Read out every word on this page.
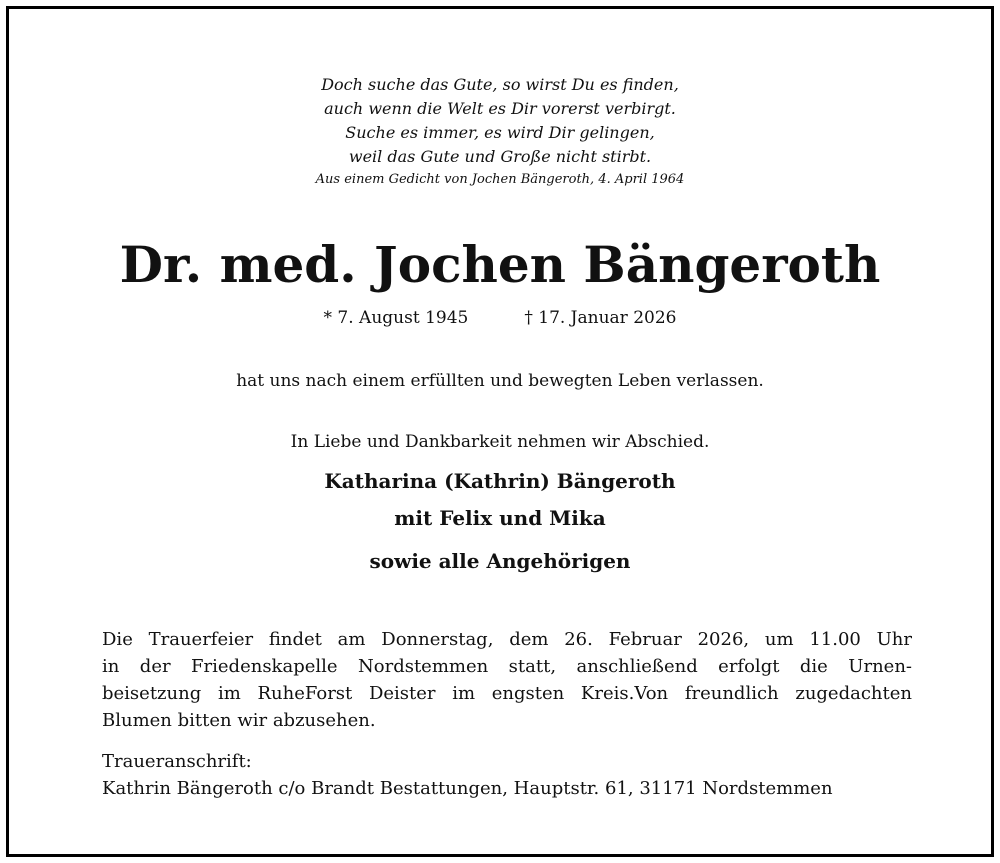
Doch suche das Gute, so wirst Du es finden,
auch wenn die Welt es Dir vorerst verbirgt.
Suche es immer, es wird Dir gelingen,
weil das Gute und Große nicht stirbt.
Aus einem Gedicht von Jochen Bängeroth, 4. April 1964
Dr. med. Jochen Bängeroth
* 7. August 1945	† 17. Januar 2026
hat uns nach einem erfüllten und bewegten Leben verlassen.
In Liebe und Dankbarkeit nehmen wir Abschied.
Katharina (Kathrin) Bängeroth
mit Felix und Mika
sowie alle Angehörigen
Die Trauerfeier findet am Donnerstag, dem 26. Februar 2026, um 11.00 Uhr
in der Friedenskapelle Nordstemmen statt, anschließend erfolgt die Urnen-
beisetzung im RuheForst Deister im engsten Kreis.Von freundlich zugedachten
Blumen bitten wir abzusehen.
Traueranschrift:
Kathrin Bängeroth c/o Brandt Bestattungen, Hauptstr. 61, 31171 Nordstemmen
